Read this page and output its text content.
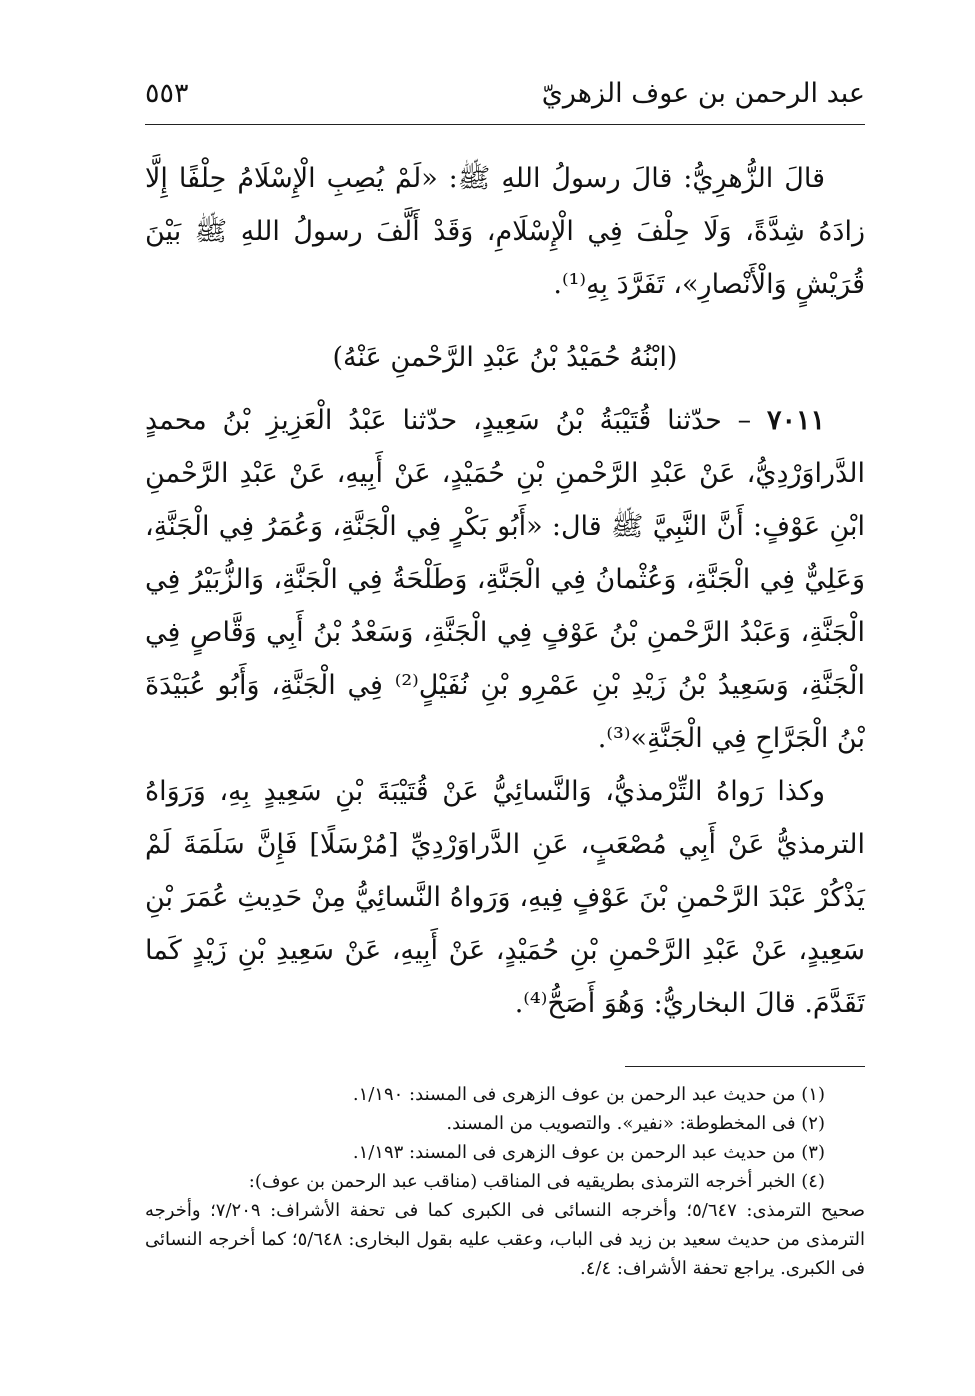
عبد الرحمن بن عوف الزهريّ
٥٥٣

قالَ الزُّهرِيُّ: قالَ رسولُ اللهِ ﷺ: «لَمْ يُصِبِ الْإِسْلَامُ حِلْفًا إِلَّا زادَهُ شِدَّةً، وَلَا حِلْفَ فِي الْإِسْلَامِ، وَقَدْ أَلَّفَ رسولُ اللهِ ﷺ بَيْنَ قُرَيْشٍ وَالْأَنْصارِ»، تَفَرَّدَ بِهِ⁽¹⁾.

(ابْنُهُ حُمَيْدُ بْنُ عَبْدِ الرَّحْمنِ عَنْهُ)

٧٠١١ – حدّثنا قُتَيْبَةُ بْنُ سَعِيدٍ، حدّثنا عَبْدُ الْعَزِيزِ بْنُ محمدٍ الدَّراوَرْدِيُّ، عَنْ عَبْدِ الرَّحْمنِ بْنِ حُمَيْدٍ، عَنْ أَبِيهِ، عَنْ عَبْدِ الرَّحْمنِ ابْنِ عَوْفٍ: أَنَّ النَّبِيَّ ﷺ قال: «أَبُو بَكْرٍ فِي الْجَنَّةِ، وَعُمَرُ فِي الْجَنَّةِ، وَعَلِيٌّ فِي الْجَنَّةِ، وَعُثْمانُ فِي الْجَنَّةِ، وَطَلْحَةُ فِي الْجَنَّةِ، وَالزُّبَيْرُ فِي الْجَنَّةِ، وَعَبْدُ الرَّحْمنِ بْنُ عَوْفٍ فِي الْجَنَّةِ، وَسَعْدُ بْنُ أَبِي وَقَّاصٍ فِي الْجَنَّةِ، وَسَعِيدُ بْنُ زَيْدِ بْنِ عَمْرِو بْنِ نُفَيْلٍ⁽²⁾ فِي الْجَنَّةِ، وَأَبُو عُبَيْدَةَ بْنُ الْجَرَّاحِ فِي الْجَنَّةِ»⁽³⁾.

وكذا رَواهُ التِّرْمذيُّ، وَالنَّسائِيُّ عَنْ قُتَيْبَةَ بْنِ سَعِيدٍ بِهِ، وَرَوَاهُ الترمذيُّ عَنْ أَبِي مُصْعَبٍ، عَنِ الدَّراوَرْدِيِّ [مُرْسَلًا] فَإِنَّ سَلَمَةَ لَمْ يَذْكُرْ عَبْدَ الرَّحْمنِ بْنَ عَوْفٍ فِيهِ، وَرَواهُ النَّسائِيُّ مِنْ حَدِيثِ عُمَرَ بْنِ سَعِيدٍ، عَنْ عَبْدِ الرَّحْمنِ بْنِ حُمَيْدٍ، عَنْ أَبِيهِ، عَنْ سَعِيدِ بْنِ زَيْدٍ كَما تَقَدَّمَ. قالَ البخاريُّ: وَهُوَ أَصَحُّ⁽⁴⁾.

(١) من حديث عبد الرحمن بن عوف الزهرى فى المسند: ١/١٩٠.

(٢) فى المخطوطة: «نفير». والتصويب من المسند.

(٣) من حديث عبد الرحمن بن عوف الزهرى فى المسند: ١/١٩٣.

(٤) الخبر أخرجه الترمذى بطريقيه فى المناقب (مناقب عبد الرحمن بن عوف):

صحيح الترمذى: ٥/٦٤٧؛ وأخرجه النسائى فى الكبرى كما فى تحفة الأشراف: ٧/٢٠٩؛ وأخرجه الترمذى من حديث سعيد بن زيد فى الباب، وعقب عليه بقول البخارى: ٥/٦٤٨؛ كما أخرجه النسائى فى الكبرى. يراجع تحفة الأشراف: ٤/٤.
